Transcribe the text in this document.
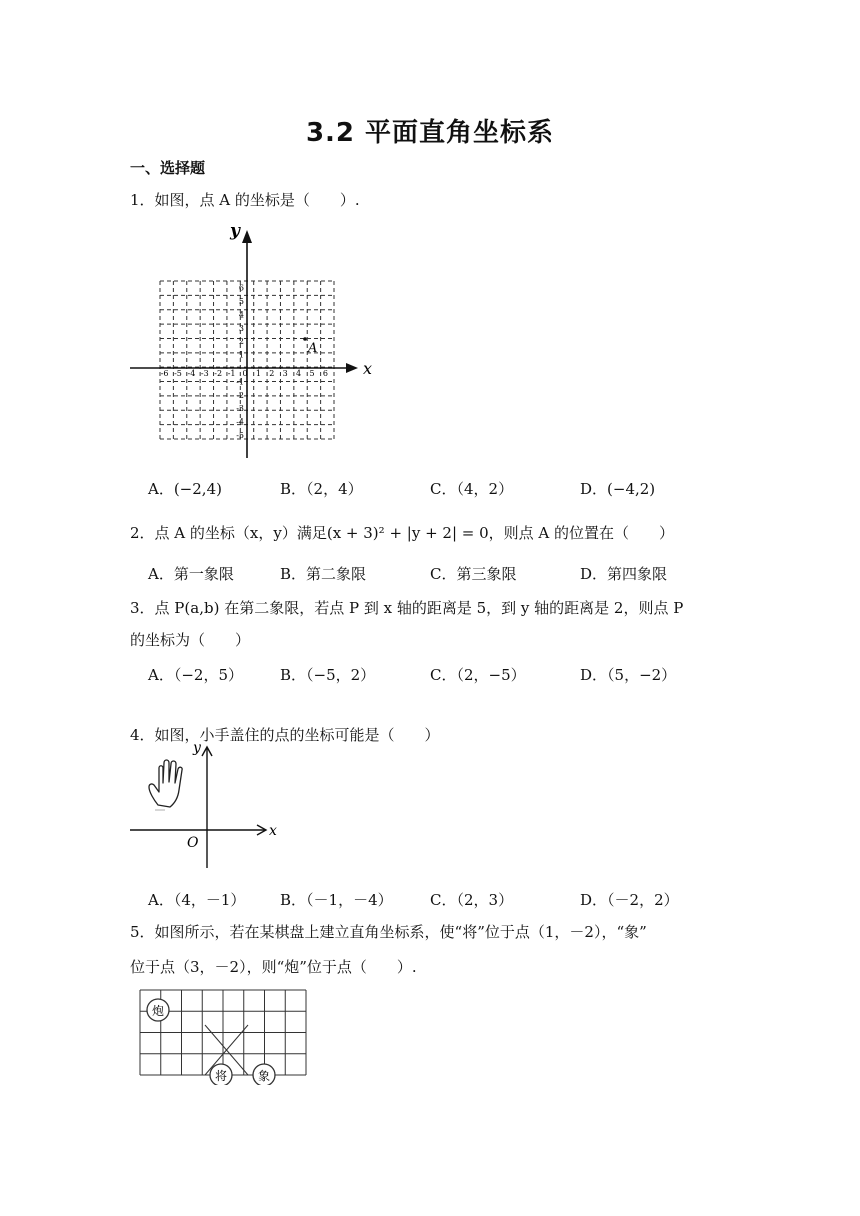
3.2 平面直角坐标系
一、选择题
1．如图，点 A 的坐标是（　　）.
x
y
-6 -5 -4 -3 -2 -1 0 1 2 3 4 5 6
6
5
4
3
2
1
-1
-2
-3
-4
-5
A
A．(−2,4)	B．（2，4）	C．（4，2）	D．(−4,2)
2．点 A 的坐标（x，y）满足(x + 3)² + |y + 2| = 0，则点 A 的位置在（　　）
A．第一象限	B．第二象限	C．第三象限	D．第四象限
3．点 P(a,b) 在第二象限，若点 P 到 x 轴的距离是 5，到 y 轴的距离是 2，则点 P
的坐标为（　　）
A．（−2，5） B．（−5，2）	C．（2，−5）	D．（5，−2）
4．如图，小手盖住的点的坐标可能是（　　）
x
y
O
A．（4，－1） B．（－1，－4） C．（2，3）	D．（－2，2）
5．如图所示，若在某棋盘上建立直角坐标系，使“将”位于点（1，－2），“象”
位于点（3，－2），则“炮”位于点（　　）.
炮
将	象
